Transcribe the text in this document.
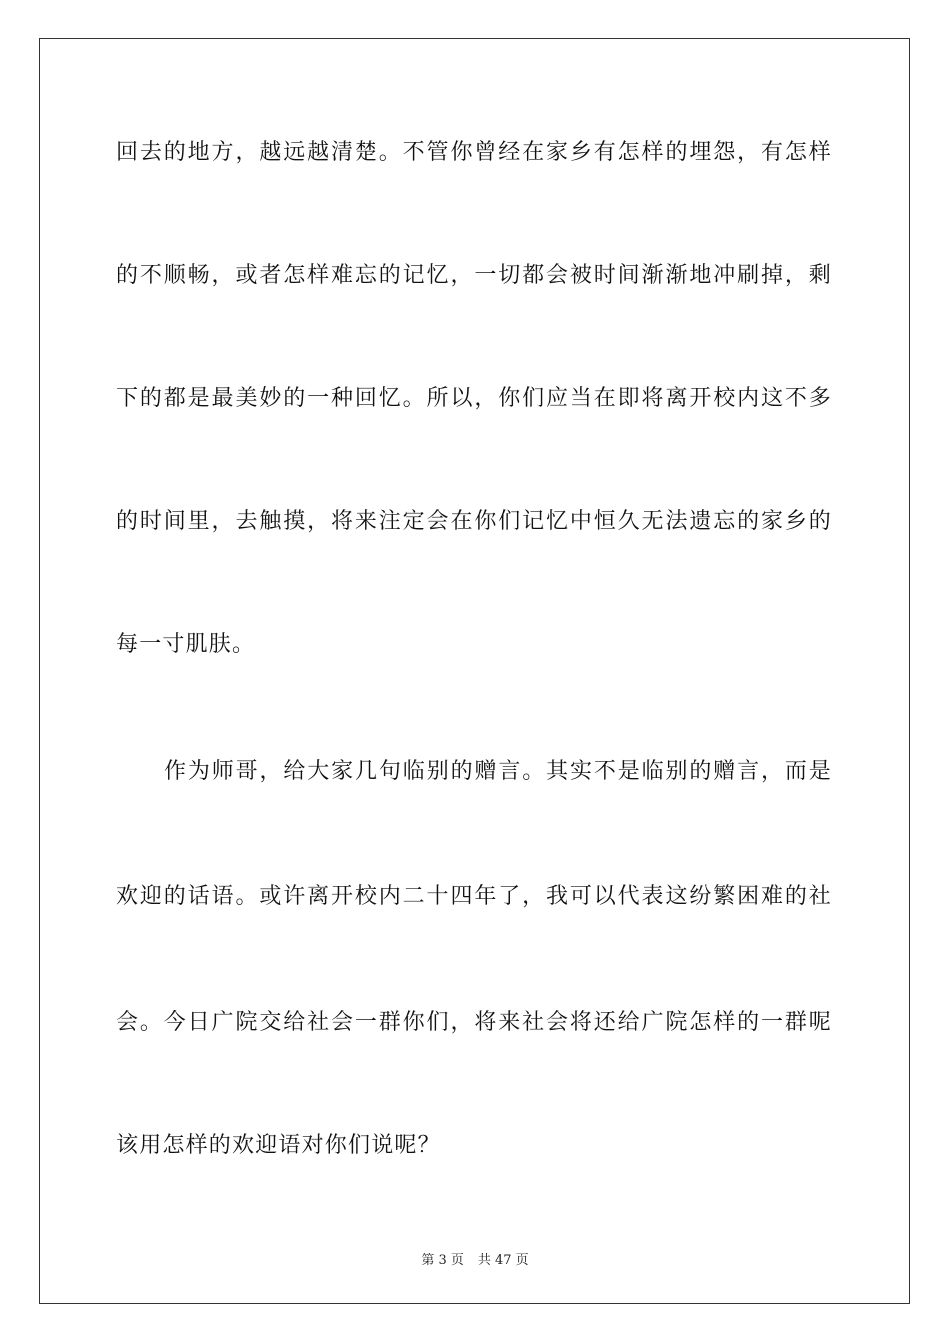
回去的地方，越远越清楚。不管你曾经在家乡有怎样的埋怨，有怎样
的不顺畅，或者怎样难忘的记忆，一切都会被时间渐渐地冲刷掉，剩
下的都是最美妙的一种回忆。所以，你们应当在即将离开校内这不多
的时间里，去触摸，将来注定会在你们记忆中恒久无法遗忘的家乡的
每一寸肌肤。
作为师哥，给大家几句临别的赠言。其实不是临别的赠言，而是
欢迎的话语。或许离开校内二十四年了，我可以代表这纷繁困难的社
会。今日广院交给社会一群你们，将来社会将还给广院怎样的一群呢
该用怎样的欢迎语对你们说呢？
第 3 页 共 47 页
